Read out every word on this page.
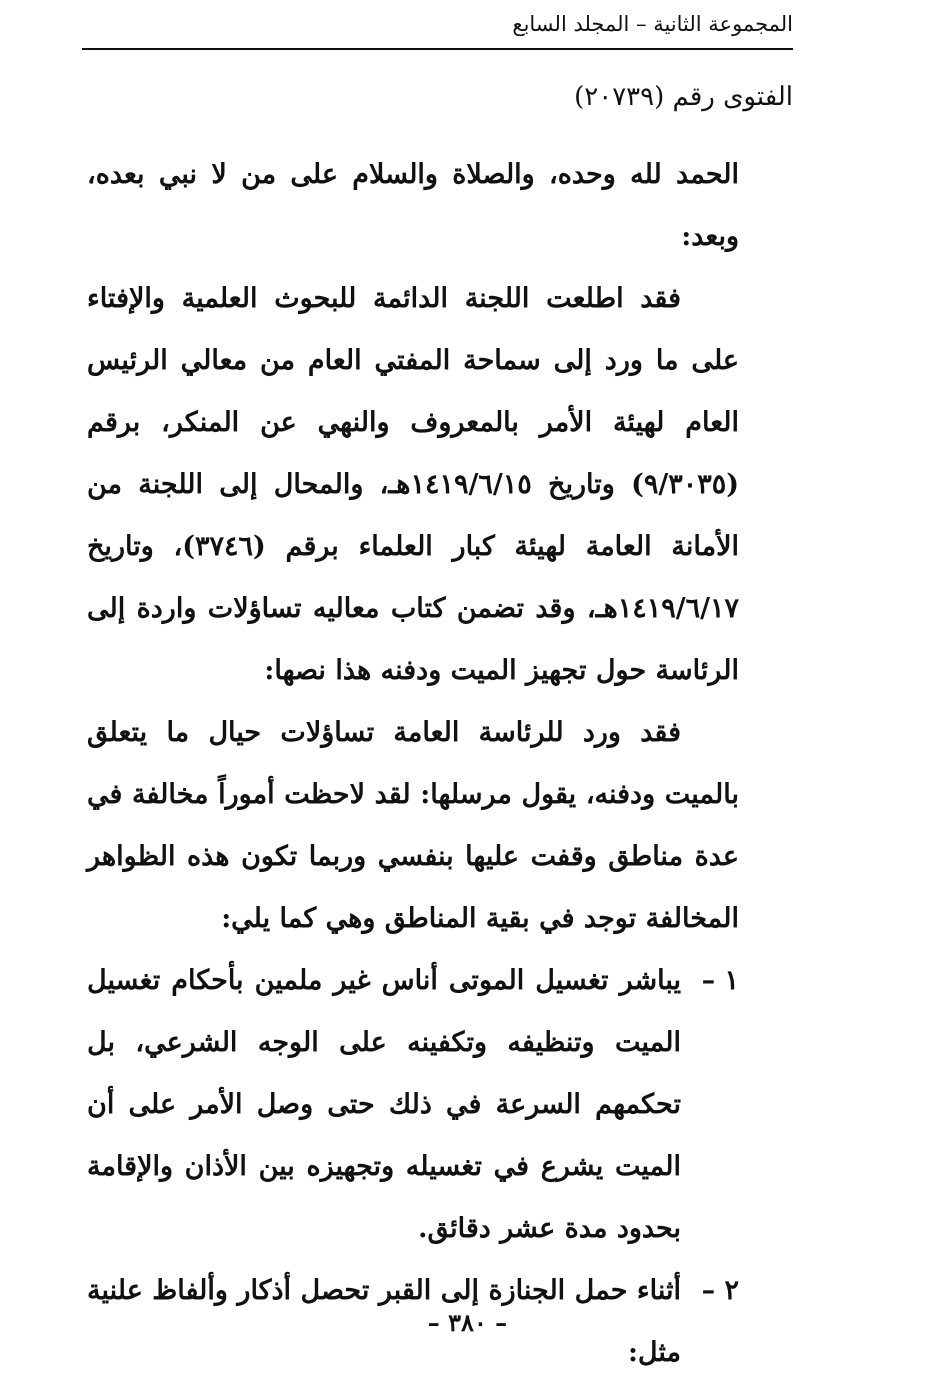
المجموعة الثانية – المجلد السابع
الفتوى رقم (٢٠٧٣٩)

الحمد لله وحده، والصلاة والسلام على من لا نبي بعده، وبعد:

فقد اطلعت اللجنة الدائمة للبحوث العلمية والإفتاء على ما ورد إلى سماحة المفتي العام من معالي الرئيس العام لهيئة الأمر بالمعروف والنهي عن المنكر، برقم (٩/٣٠٣٥) وتاريخ ١٤١٩/٦/١٥هـ، والمحال إلى اللجنة من الأمانة العامة لهيئة كبار العلماء برقم (٣٧٤٦)، وتاريخ ١٤١٩/٦/١٧هـ، وقد تضمن كتاب معاليه تساؤلات واردة إلى الرئاسة حول تجهيز الميت ودفنه هذا نصها:

فقد ورد للرئاسة العامة تساؤلات حيال ما يتعلق بالميت ودفنه، يقول مرسلها: لقد لاحظت أموراً مخالفة في عدة مناطق وقفت عليها بنفسي وربما تكون هذه الظواهر المخالفة توجد في بقية المناطق وهي كما يلي:

١ –
يباشر تغسيل الموتى أناس غير ملمين بأحكام تغسيل الميت وتنظيفه وتكفينه على الوجه الشرعي، بل تحكمهم السرعة في ذلك حتى وصل الأمر على أن الميت يشرع في تغسيله وتجهيزه بين الأذان والإقامة بحدود مدة عشر دقائق.
٢ –
أثناء حمل الجنازة إلى القبر تحصل أذكار وألفاظ علنية مثل:
– ٣٨٠ –
